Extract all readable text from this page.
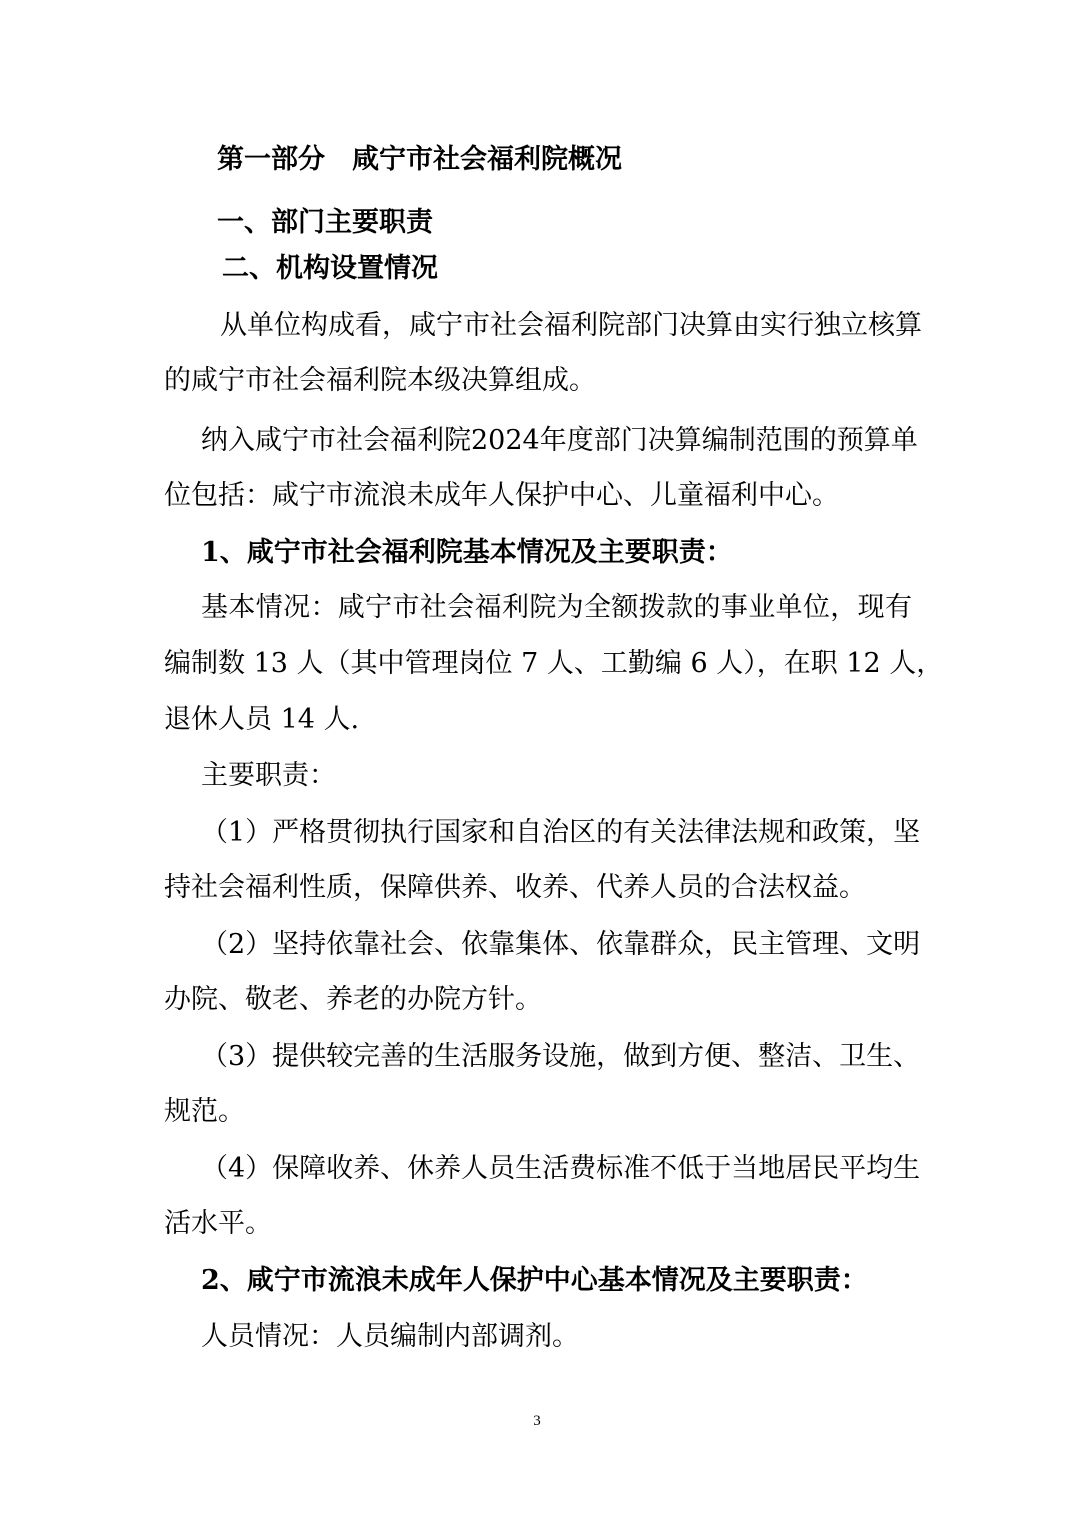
第一部分　咸宁市社会福利院概况

一、部门主要职责

二、机构设置情况

从单位构成看，咸宁市社会福利院部门决算由实行独立核算

的咸宁市社会福利院本级决算组成。

纳入咸宁市社会福利院2024年度部门决算编制范围的预算单

位包括：咸宁市流浪未成年人保护中心、儿童福利中心。

1、咸宁市社会福利院基本情况及主要职责：

基本情况：咸宁市社会福利院为全额拨款的事业单位，现有

编制数 13 人（其中管理岗位 7 人、工勤编 6 人），在职 12 人，

退休人员 14 人.

主要职责：

（1）严格贯彻执行国家和自治区的有关法律法规和政策，坚

持社会福利性质，保障供养、收养、代养人员的合法权益。

（2）坚持依靠社会、依靠集体、依靠群众，民主管理、文明

办院、敬老、养老的办院方针。

（3）提供较完善的生活服务设施，做到方便、整洁、卫生、

规范。

（4）保障收养、休养人员生活费标准不低于当地居民平均生

活水平。

2、咸宁市流浪未成年人保护中心基本情况及主要职责：

人员情况：人员编制内部调剂。

3
